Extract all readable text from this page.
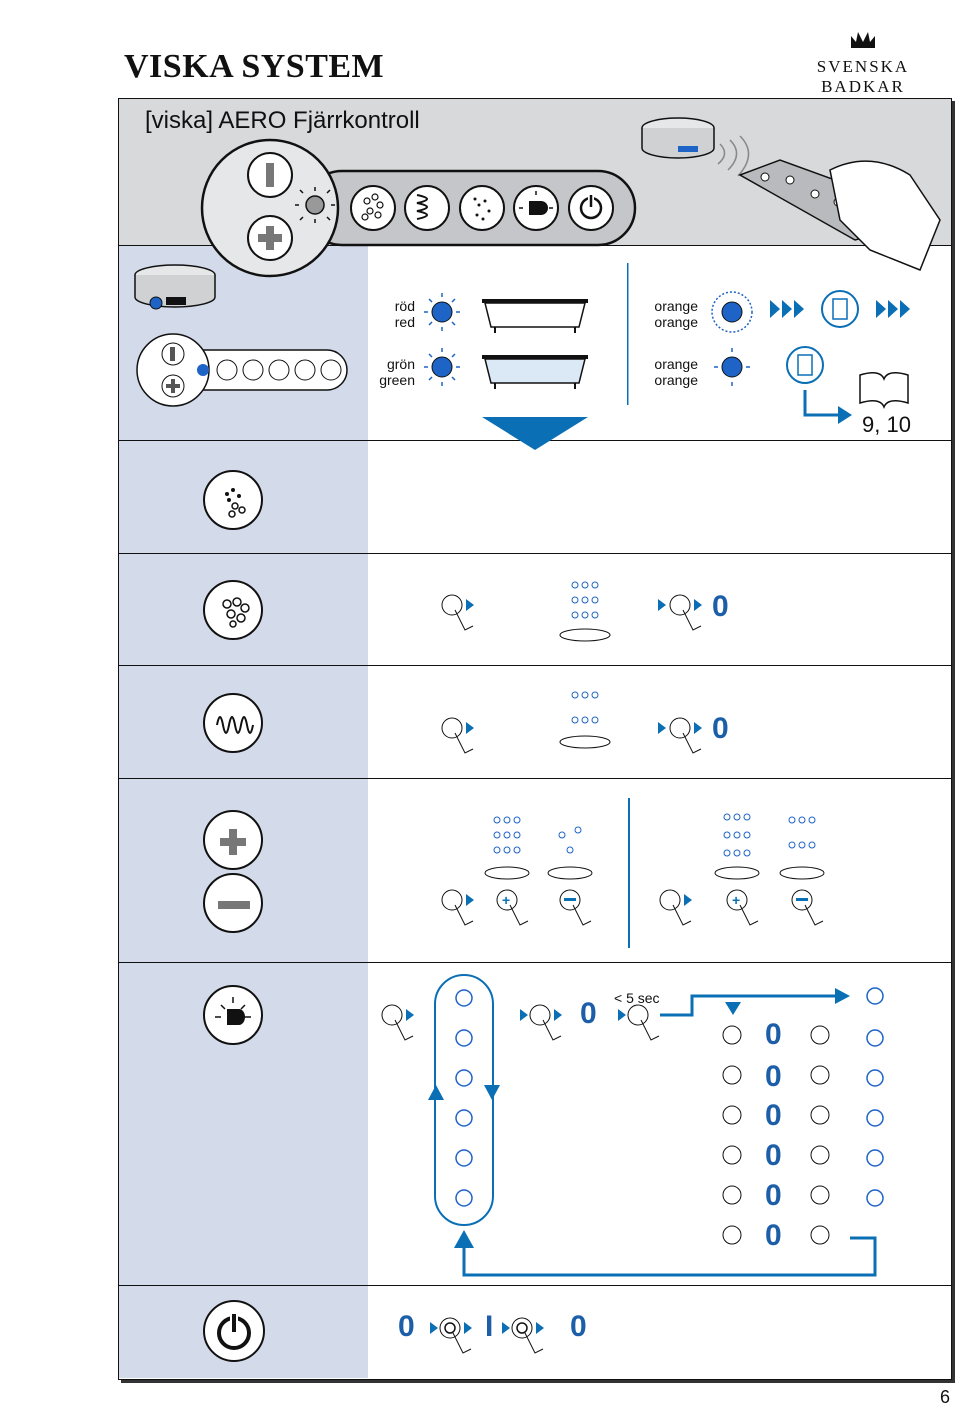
VISKA SYSTEM	SVENSKA BADKAR
[viska] AERO Fjärrkontroll
röd
red
grön
green
orange
orange
orange
orange
9, 10
0
0
+	+
0 < 5 sec
0
0
0
0
0
0
0 I	0
6
